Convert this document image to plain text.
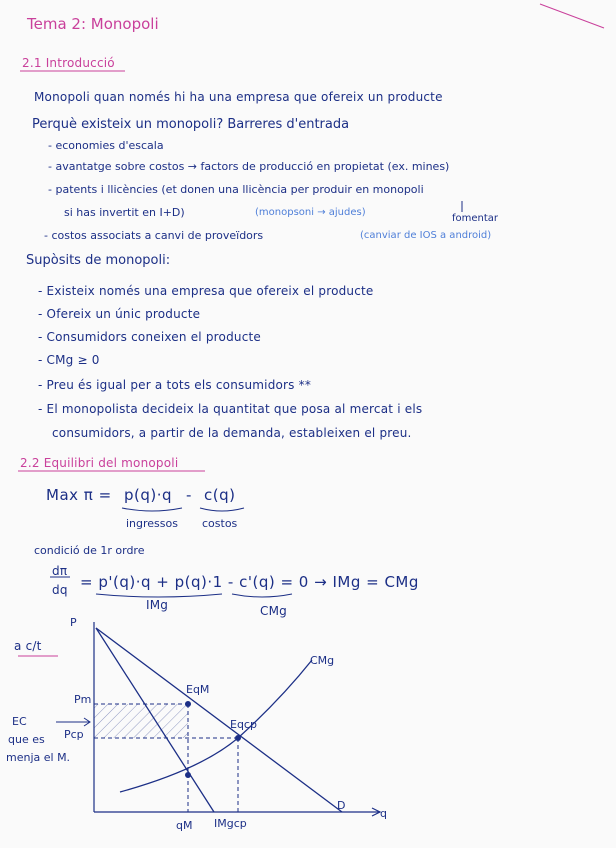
Tema 2: Monopoli
2.1 Introducció
Monopoli quan només hi ha una empresa que ofereix un producte
Perquè existeix un monopoli? Barreres d'entrada
- economies d'escala
- avantatge sobre costos → factors de producció en propietat (ex. mines)
- patents i llicències (et donen una llicència per produir en monopoli
si has invertit en I+D)	(monopsoni → ajudes)
fomentar
- costos associats a canvi de proveïdors	(canviar de IOS a android)
Supòsits de monopoli:
- Existeix només una empresa que ofereix el producte
- Ofereix un únic producte
- Consumidors coneixen el producte
- CMg ≥ 0
- Preu és igual per a tots els consumidors **
- El monopolista decideix la quantitat que posa al mercat i els
consumidors, a partir de la demanda, estableixen el preu.
2.2 Equilibri del monopoli
Max π = p(q)·q - c(q)
ingressos costos
condició de 1r ordre
dπ
dq = p'(q)·q + p(q)·1 - c'(q) = 0 → IMg = CMg
IMg	CMg
a c/t
P
q
Pm
Pcp
qM IMgcp
CMg
EqM
Eqcp
D
EC
que es
menja el M.
